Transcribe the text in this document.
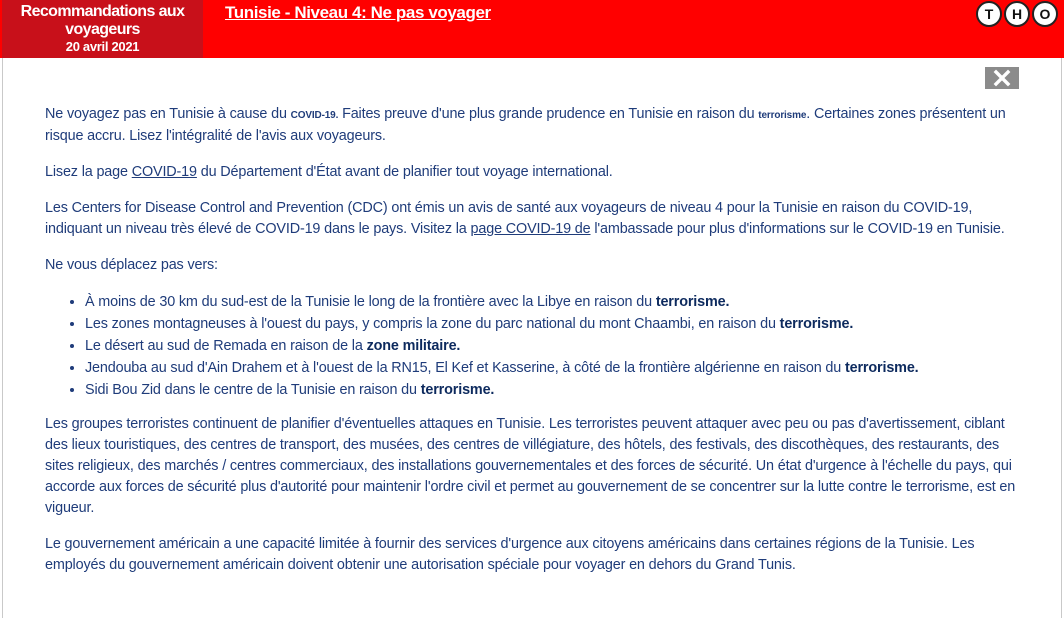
Recommandations aux voyageurs
20 avril 2021
Tunisie - Niveau 4: Ne pas voyager	T	H	O

Ne voyagez pas en Tunisie à cause du COVID-19. Faites preuve d'une plus grande prudence en Tunisie en raison du terrorisme. Certaines zones présentent un risque accru. Lisez l'intégralité de l'avis aux voyageurs.

Lisez la page COVID-19 du Département d'État avant de planifier tout voyage international.

Les Centers for Disease Control and Prevention (CDC) ont émis un avis de santé aux voyageurs de niveau 4 pour la Tunisie en raison du COVID-19, indiquant un niveau très élevé de COVID-19 dans le pays. Visitez la page COVID-19 de l'ambassade pour plus d'informations sur le COVID-19 en Tunisie.

Ne vous déplacez pas vers:

• À moins de 30 km du sud-est de la Tunisie le long de la frontière avec la Libye en raison du terrorisme.
• Les zones montagneuses à l'ouest du pays, y compris la zone du parc national du mont Chaambi, en raison du terrorisme.
• Le désert au sud de Remada en raison de la zone militaire.
• Jendouba au sud d'Ain Drahem et à l'ouest de la RN15, El Kef et Kasserine, à côté de la frontière algérienne en raison du terrorisme.
• Sidi Bou Zid dans le centre de la Tunisie en raison du terrorisme.

Les groupes terroristes continuent de planifier d'éventuelles attaques en Tunisie. Les terroristes peuvent attaquer avec peu ou pas d'avertissement, ciblant des lieux touristiques, des centres de transport, des musées, des centres de villégiature, des hôtels, des festivals, des discothèques, des restaurants, des sites religieux, des marchés / centres commerciaux, des installations gouvernementales et des forces de sécurité. Un état d'urgence à l'échelle du pays, qui accorde aux forces de sécurité plus d'autorité pour maintenir l'ordre civil et permet au gouvernement de se concentrer sur la lutte contre le terrorisme, est en vigueur.

Le gouvernement américain a une capacité limitée à fournir des services d'urgence aux citoyens américains dans certaines régions de la Tunisie. Les employés du gouvernement américain doivent obtenir une autorisation spéciale pour voyager en dehors du Grand Tunis.
